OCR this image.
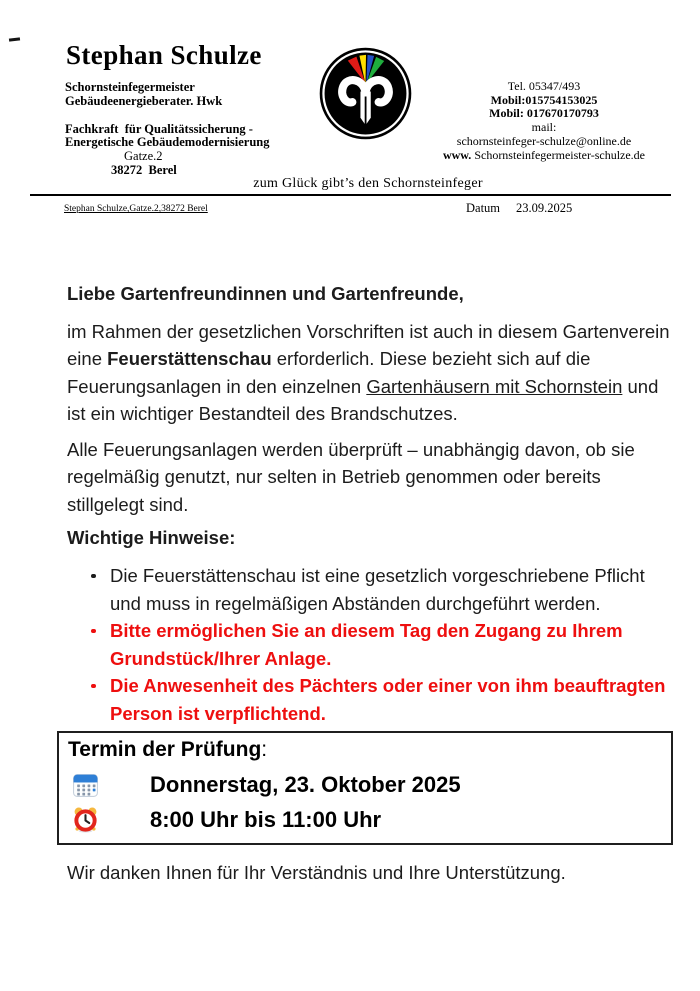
Stephan Schulze
Schornsteinfegermeister
Gebäudeenergieberater. Hwk
Fachkraft  für Qualitätssicherung -
Energetische Gebäudemodernisierung
Gatze.2
38272  Berel
Tel. 05347/493
Mobil:015754153025
Mobil: 017670170793
mail:
schornsteinfeger-schulze@online.de
www. Schornsteinfegermeister-schulze.de
zum Glück gibt’s den Schornsteinfeger
Stephan Schulze,Gatze.2,38272 Berel	Datum 23.09.2025
Liebe Gartenfreundinnen und Gartenfreunde,
im Rahmen der gesetzlichen Vorschriften ist auch in diesem Gartenverein
eine Feuerstättenschau erforderlich. Diese bezieht sich auf die
Feuerungsanlagen in den einzelnen Gartenhäusern mit Schornstein und
ist ein wichtiger Bestandteil des Brandschutzes.
Alle Feuerungsanlagen werden überprüft – unabhängig davon, ob sie
regelmäßig genutzt, nur selten in Betrieb genommen oder bereits
stillgelegt sind.
Wichtige Hinweise:
Die Feuerstättenschau ist eine gesetzlich vorgeschriebene Pflicht
und muss in regelmäßigen Abständen durchgeführt werden.
Bitte ermöglichen Sie an diesem Tag den Zugang zu Ihrem
Grundstück/Ihrer Anlage.
Die Anwesenheit des Pächters oder einer von ihm beauftragten
Person ist verpflichtend.
Termin der Prüfung:
Donnerstag, 23. Oktober 2025
8:00 Uhr bis 11:00 Uhr
Wir danken Ihnen für Ihr Verständnis und Ihre Unterstützung.
